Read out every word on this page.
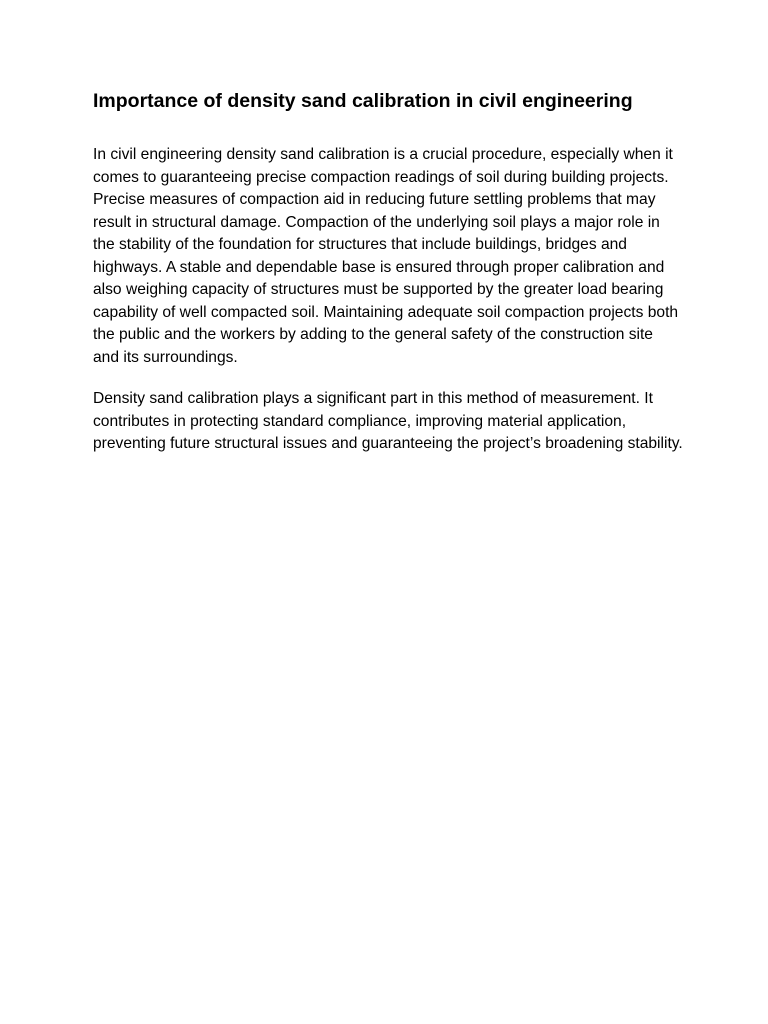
Importance of density sand calibration in civil engineering

In civil engineering density sand calibration is a crucial procedure, especially when it comes to guaranteeing precise compaction readings of soil during building projects. Precise measures of compaction aid in reducing future settling problems that may result in structural damage. Compaction of the underlying soil plays a major role in the stability of the foundation for structures that include buildings, bridges and highways. A stable and dependable base is ensured through proper calibration and also weighing capacity of structures must be supported by the greater load bearing capability of well compacted soil. Maintaining adequate soil compaction projects both the public and the workers by adding to the general safety of the construction site and its surroundings.

Density sand calibration plays a significant part in this method of measurement. It contributes in protecting standard compliance, improving material application, preventing future structural issues and guaranteeing the project’s broadening stability.
